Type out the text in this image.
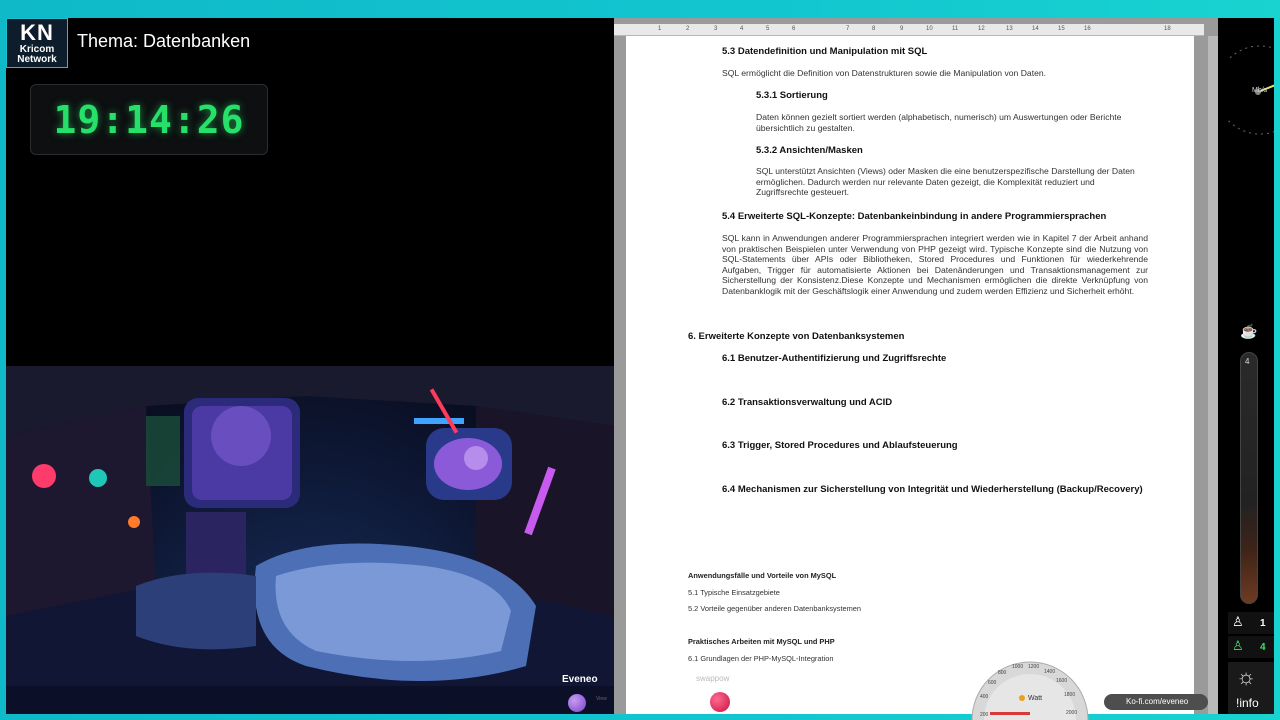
KN
Kricom
Network
Thema: Datenbanken
19:14:26
Eveneo
View
1	2	3	4	5	6	7	8	9	10	11	12	13	14	15	16	18
5.3 Datendefinition und Manipulation mit SQL
SQL ermöglicht die Definition von Datenstrukturen sowie die Manipulation von Daten.
5.3.1 Sortierung
Daten können gezielt sortiert werden (alphabetisch, numerisch) um Auswertungen oder Berichte übersichtlich zu gestalten.
5.3.2 Ansichten/Masken
SQL unterstützt Ansichten (Views) oder Masken die eine benutzerspezifische Darstellung der Daten ermöglichen. Dadurch werden nur relevante Daten gezeigt, die Komplexität reduziert und Zugriffsrechte gesteuert.
5.4 Erweiterte SQL-Konzepte: Datenbankeinbindung in andere Programmiersprachen
SQL kann in Anwendungen anderer Programmiersprachen integriert werden wie in Kapitel 7 der Arbeit anhand von praktischen Beispielen unter Verwendung von PHP gezeigt wird. Typische Konzepte sind die Nutzung von SQL-Statements über APIs oder Bibliotheken, Stored Procedures und Funktionen für wiederkehrende Aufgaben, Trigger für automatisierte Aktionen bei Datenänderungen und Transaktionsmanagement zur Sicherstellung der Konsistenz.Diese Konzepte und Mechanismen ermöglichen die direkte Verknüpfung von Datenbanklogik mit der Geschäftslogik einer Anwendung und zudem werden Effizienz und Sicherheit erhöht.
6. Erweiterte Konzepte von Datenbanksystemen
6.1 Benutzer-Authentifizierung und Zugriffsrechte
6.2 Transaktionsverwaltung und ACID
6.3 Trigger, Stored Procedures und Ablaufsteuerung
6.4 Mechanismen zur Sicherstellung von Integrität und Wiederherstellung (Backup/Recovery)
Anwendungsfälle und Vorteile von MySQL
5.1 Typische Einsatzgebiete
5.2 Vorteile gegenüber anderen Datenbanksystemen
Praktisches Arbeiten mit MySQL und PHP
6.1 Grundlagen der PHP-MySQL-Integration
Mb/s
☕
4
♙ 1
♙ 4
☼
!info
swappow
200
400
600
800
1000 1200
1400
1600
1800
2000
Watt	Ko-fi.com/eveneo
